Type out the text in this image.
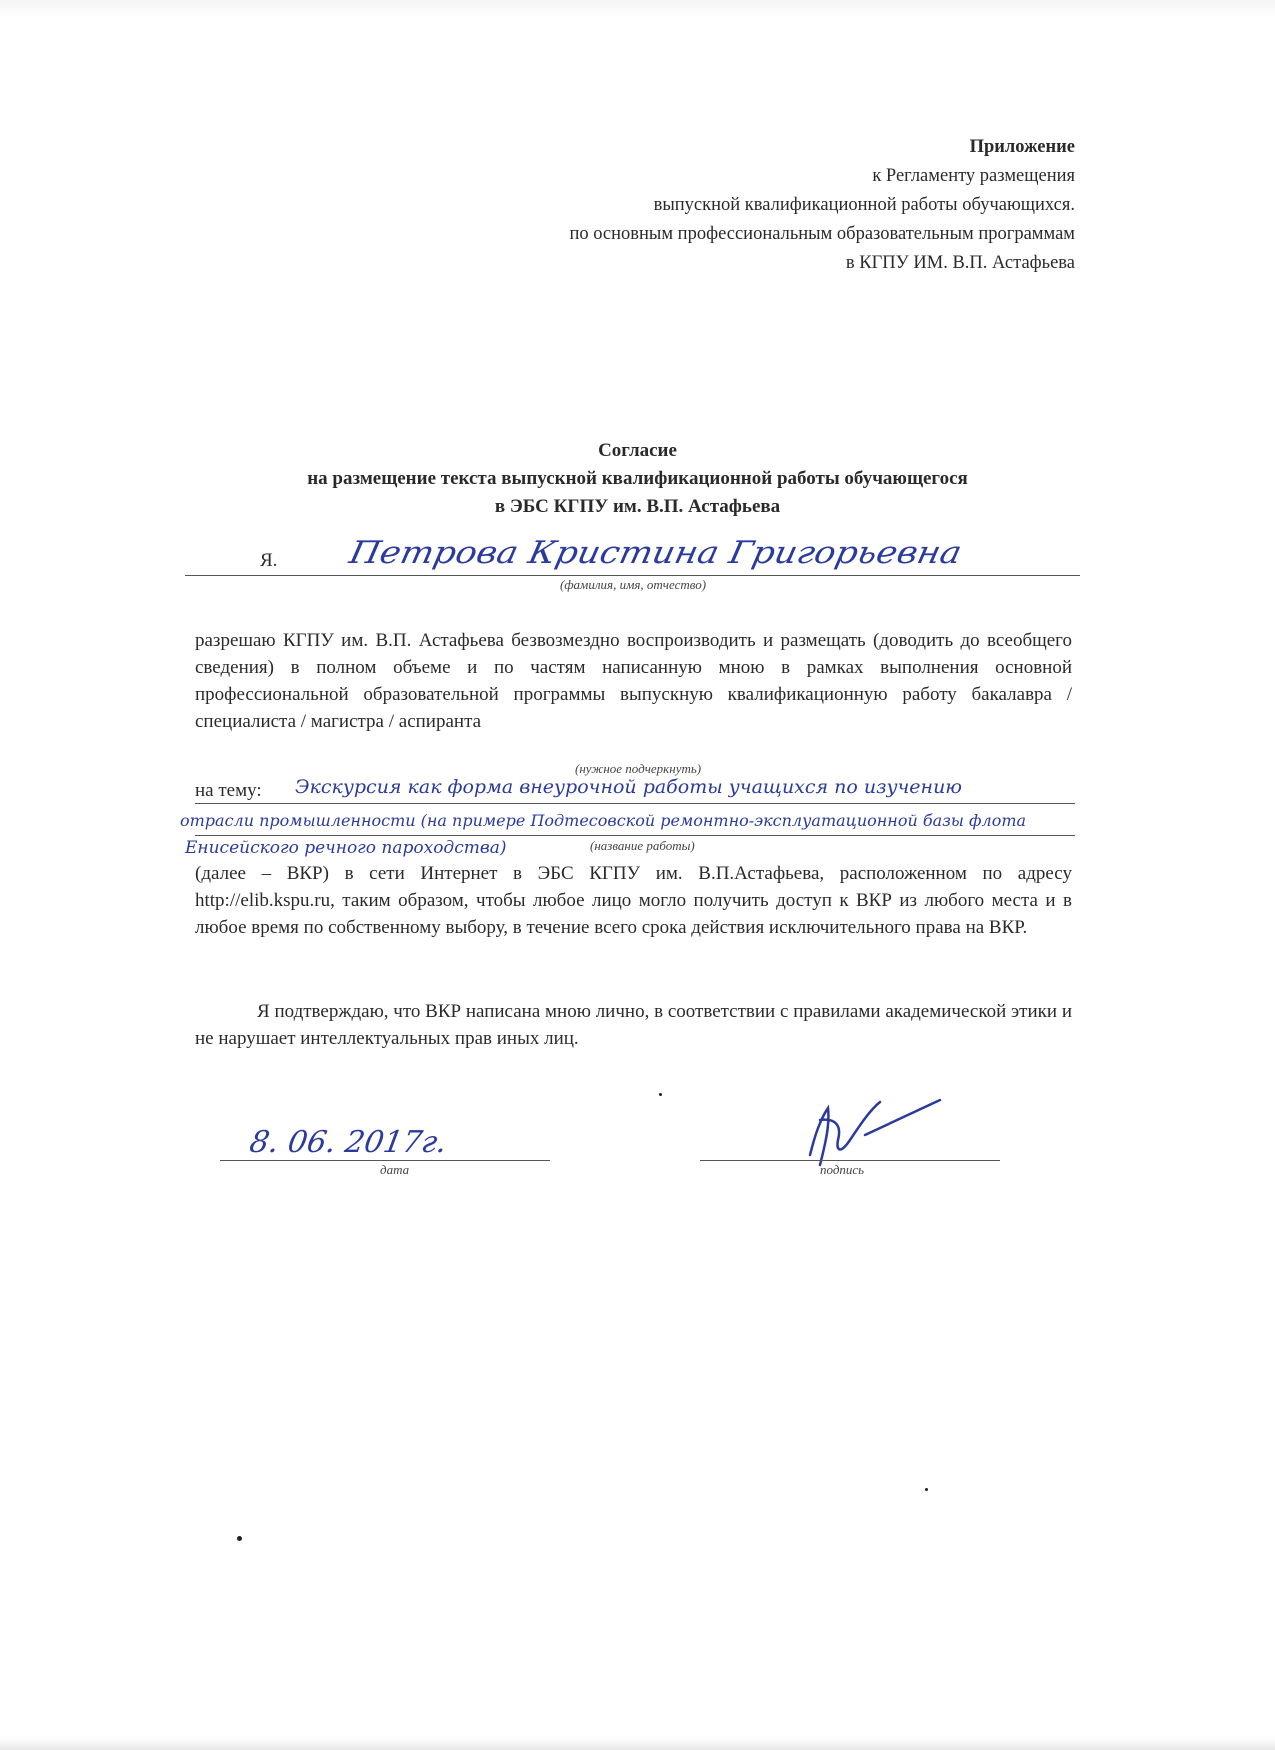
Приложение
к Регламенту размещения
выпускной квалификационной работы обучающихся.
по основным профессиональным образовательным программам
в КГПУ ИМ. В.П. Астафьева
Согласие
на размещение текста выпускной квалификационной работы обучающегося
в ЭБС КГПУ им. В.П. Астафьева
Я. Петрова Кристина Григорьевна
(фамилия, имя, отчество)
разрешаю КГПУ им. В.П. Астафьева безвозмездно воспроизводить и размещать (доводить до всеобщего сведения) в полном объеме и по частям написанную мною в рамках выполнения основной профессиональной образовательной программы выпускную квалификационную работу бакалавра / специалиста / магистра / аспиранта
(нужное подчеркнуть)
на тему: Экскурсия как форма внеурочной работы учащихся по изучению
отрасли промышленности (на примере Подтесовской ремонтно-эксплуатационной базы флота
Енисейского речного пароходства)	(название работы)
(далее – ВКР) в сети Интернет в ЭБС КГПУ им. В.П.Астафьева, расположенном по адресу http://elib.kspu.ru, таким образом, чтобы любое лицо могло получить доступ к ВКР из любого места и в любое время по собственному выбору, в течение всего срока действия исключительного права на ВКР.
Я подтверждаю, что ВКР написана мною лично, в соответствии с правилами академической этики и не нарушает интеллектуальных прав иных лиц.
8. 06. 2017г.
дата	подпись
